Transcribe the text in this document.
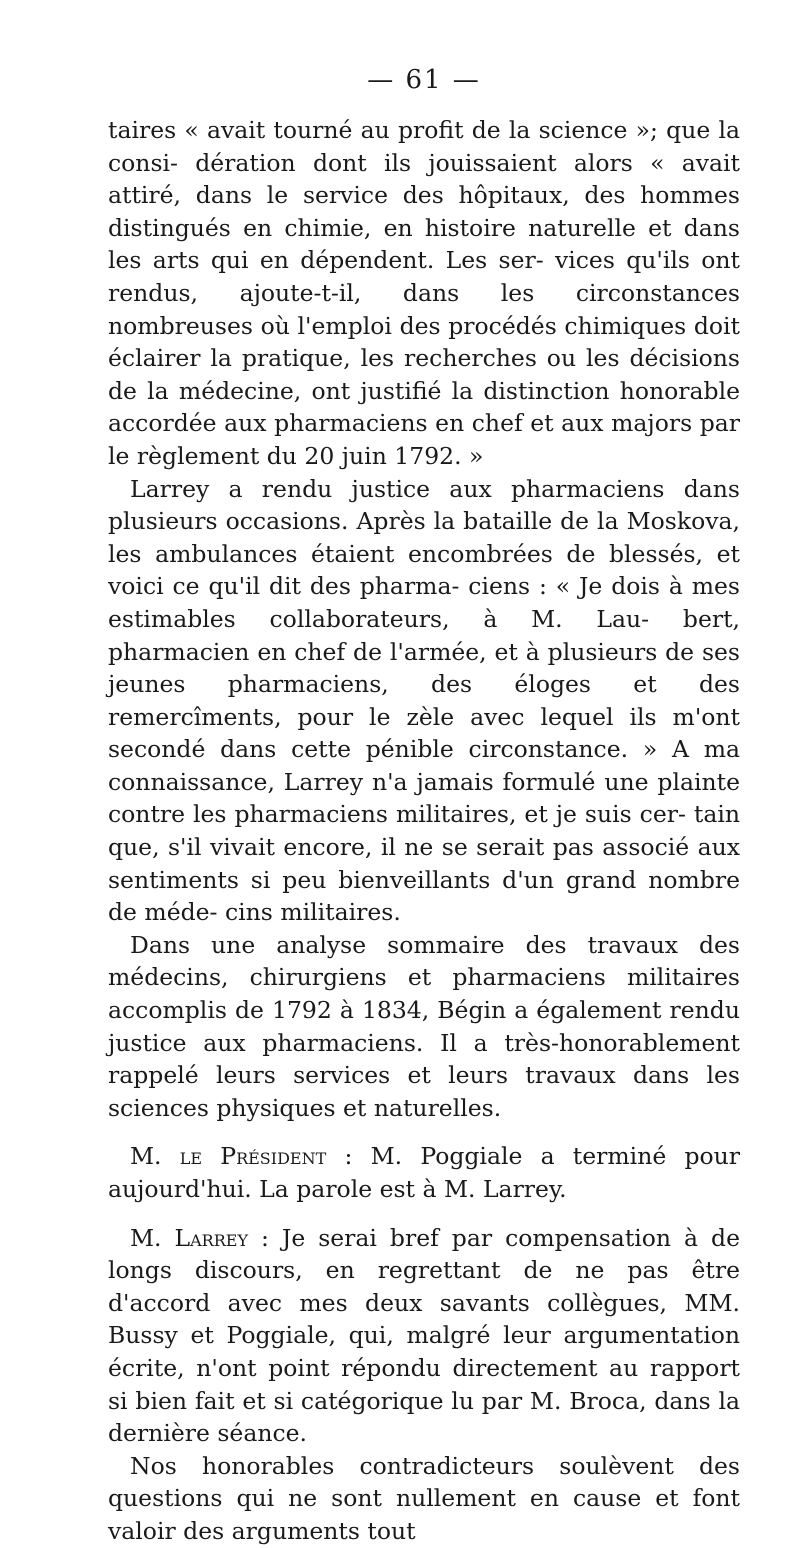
— 61 —

taires « avait tourné au profit de la science »; que la consi- dération dont ils jouissaient alors « avait attiré, dans le service des hôpitaux, des hommes distingués en chimie, en histoire naturelle et dans les arts qui en dépendent. Les ser- vices qu'ils ont rendus, ajoute-t-il, dans les circonstances nombreuses où l'emploi des procédés chimiques doit éclairer la pratique, les recherches ou les décisions de la médecine, ont justifié la distinction honorable accordée aux pharmaciens en chef et aux majors par le règlement du 20 juin 1792. »

Larrey a rendu justice aux pharmaciens dans plusieurs occasions. Après la bataille de la Moskova, les ambulances étaient encombrées de blessés, et voici ce qu'il dit des pharma- ciens : « Je dois à mes estimables collaborateurs, à M. Lau- bert, pharmacien en chef de l'armée, et à plusieurs de ses jeunes pharmaciens, des éloges et des remercîments, pour le zèle avec lequel ils m'ont secondé dans cette pénible circonstance. » A ma connaissance, Larrey n'a jamais formulé une plainte contre les pharmaciens militaires, et je suis cer- tain que, s'il vivait encore, il ne se serait pas associé aux sentiments si peu bienveillants d'un grand nombre de méde- cins militaires.

Dans une analyse sommaire des travaux des médecins, chirurgiens et pharmaciens militaires accomplis de 1792 à 1834, Bégin a également rendu justice aux pharmaciens. Il a très-honorablement rappelé leurs services et leurs travaux dans les sciences physiques et naturelles.

M. le Président : M. Poggiale a terminé pour aujourd'hui. La parole est à M. Larrey.

M. Larrey : Je serai bref par compensation à de longs discours, en regrettant de ne pas être d'accord avec mes deux savants collègues, MM. Bussy et Poggiale, qui, malgré leur argumentation écrite, n'ont point répondu directement au rapport si bien fait et si catégorique lu par M. Broca, dans la dernière séance.

Nos honorables contradicteurs soulèvent des questions qui ne sont nullement en cause et font valoir des arguments tout
